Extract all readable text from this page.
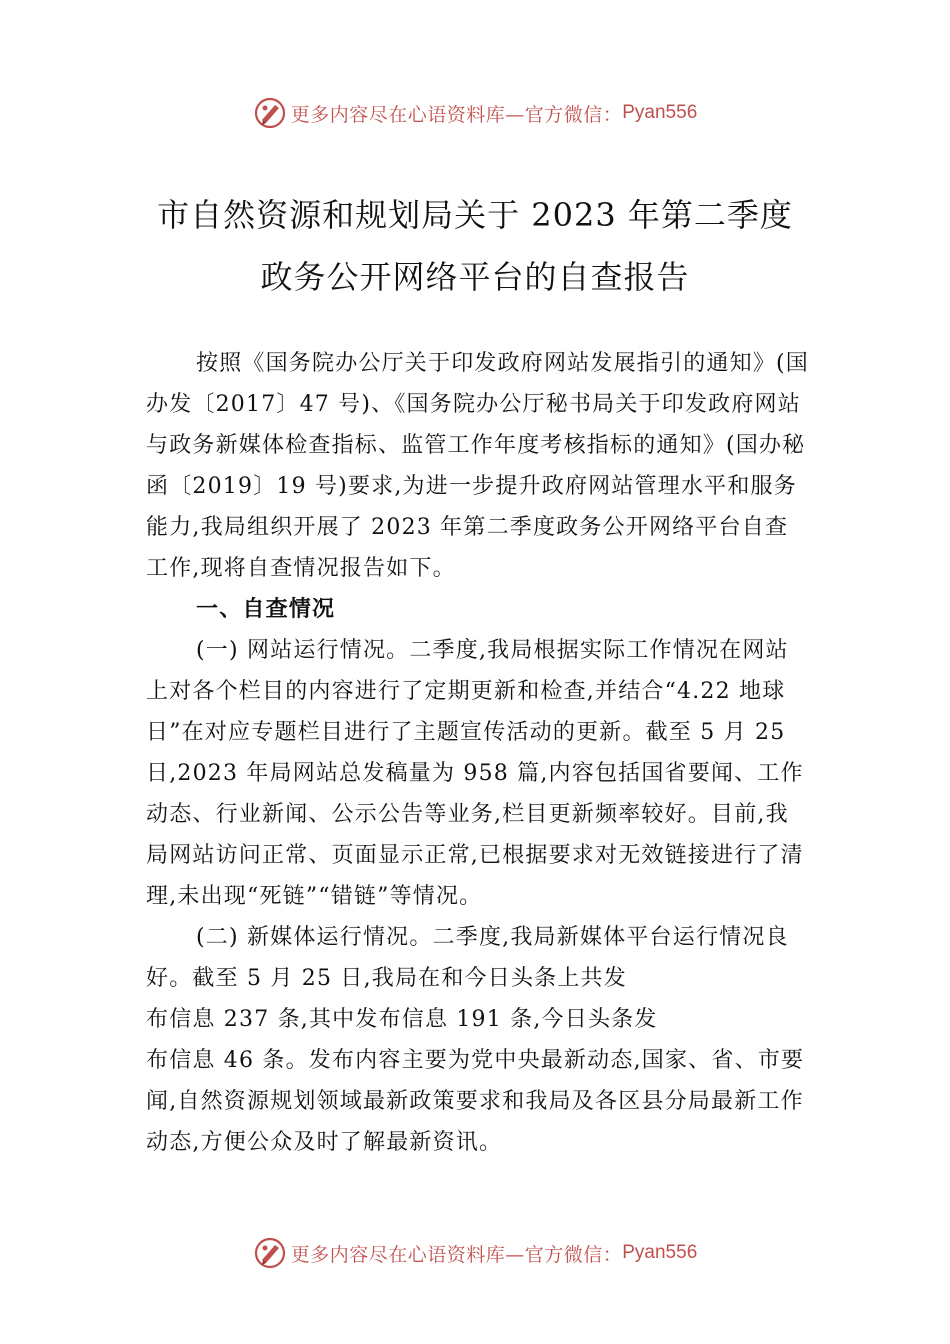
更多内容尽在心语资料库—官方微信： Pyan556
市自然资源和规划局关于 2023 年第二季度
政务公开网络平台的自查报告

按照《国务院办公厅关于印发政府网站发展指引的通知》(国办发〔2017〕47 号)、《国务院办公厅秘书局关于印发政府网站与政务新媒体检查指标、监管工作年度考核指标的通知》(国办秘函〔2019〕19 号)要求,为进一步提升政府网站管理水平和服务能力,我局组织开展了 2023 年第二季度政务公开网络平台自查工作,现将自查情况报告如下。

一、自查情况

(一) 网站运行情况。二季度,我局根据实际工作情况在网站上对各个栏目的内容进行了定期更新和检查,并结合“4.22 地球日”在对应专题栏目进行了主题宣传活动的更新。截至 5 月 25 日,2023 年局网站总发稿量为 958 篇,内容包括国省要闻、工作动态、行业新闻、公示公告等业务,栏目更新频率较好。目前,我局网站访问正常、页面显示正常,已根据要求对无效链接进行了清理,未出现“死链”“错链”等情况。

(二) 新媒体运行情况。二季度,我局新媒体平台运行情况良好。截至 5 月 25 日,我局在和今日头条上共发

布信息 237 条,其中发布信息 191 条,今日头条发

布信息 46 条。发布内容主要为党中央最新动态,国家、省、市要闻,自然资源规划领域最新政策要求和我局及各区县分局最新工作动态,方便公众及时了解最新资讯。

更多内容尽在心语资料库—官方微信： Pyan556
